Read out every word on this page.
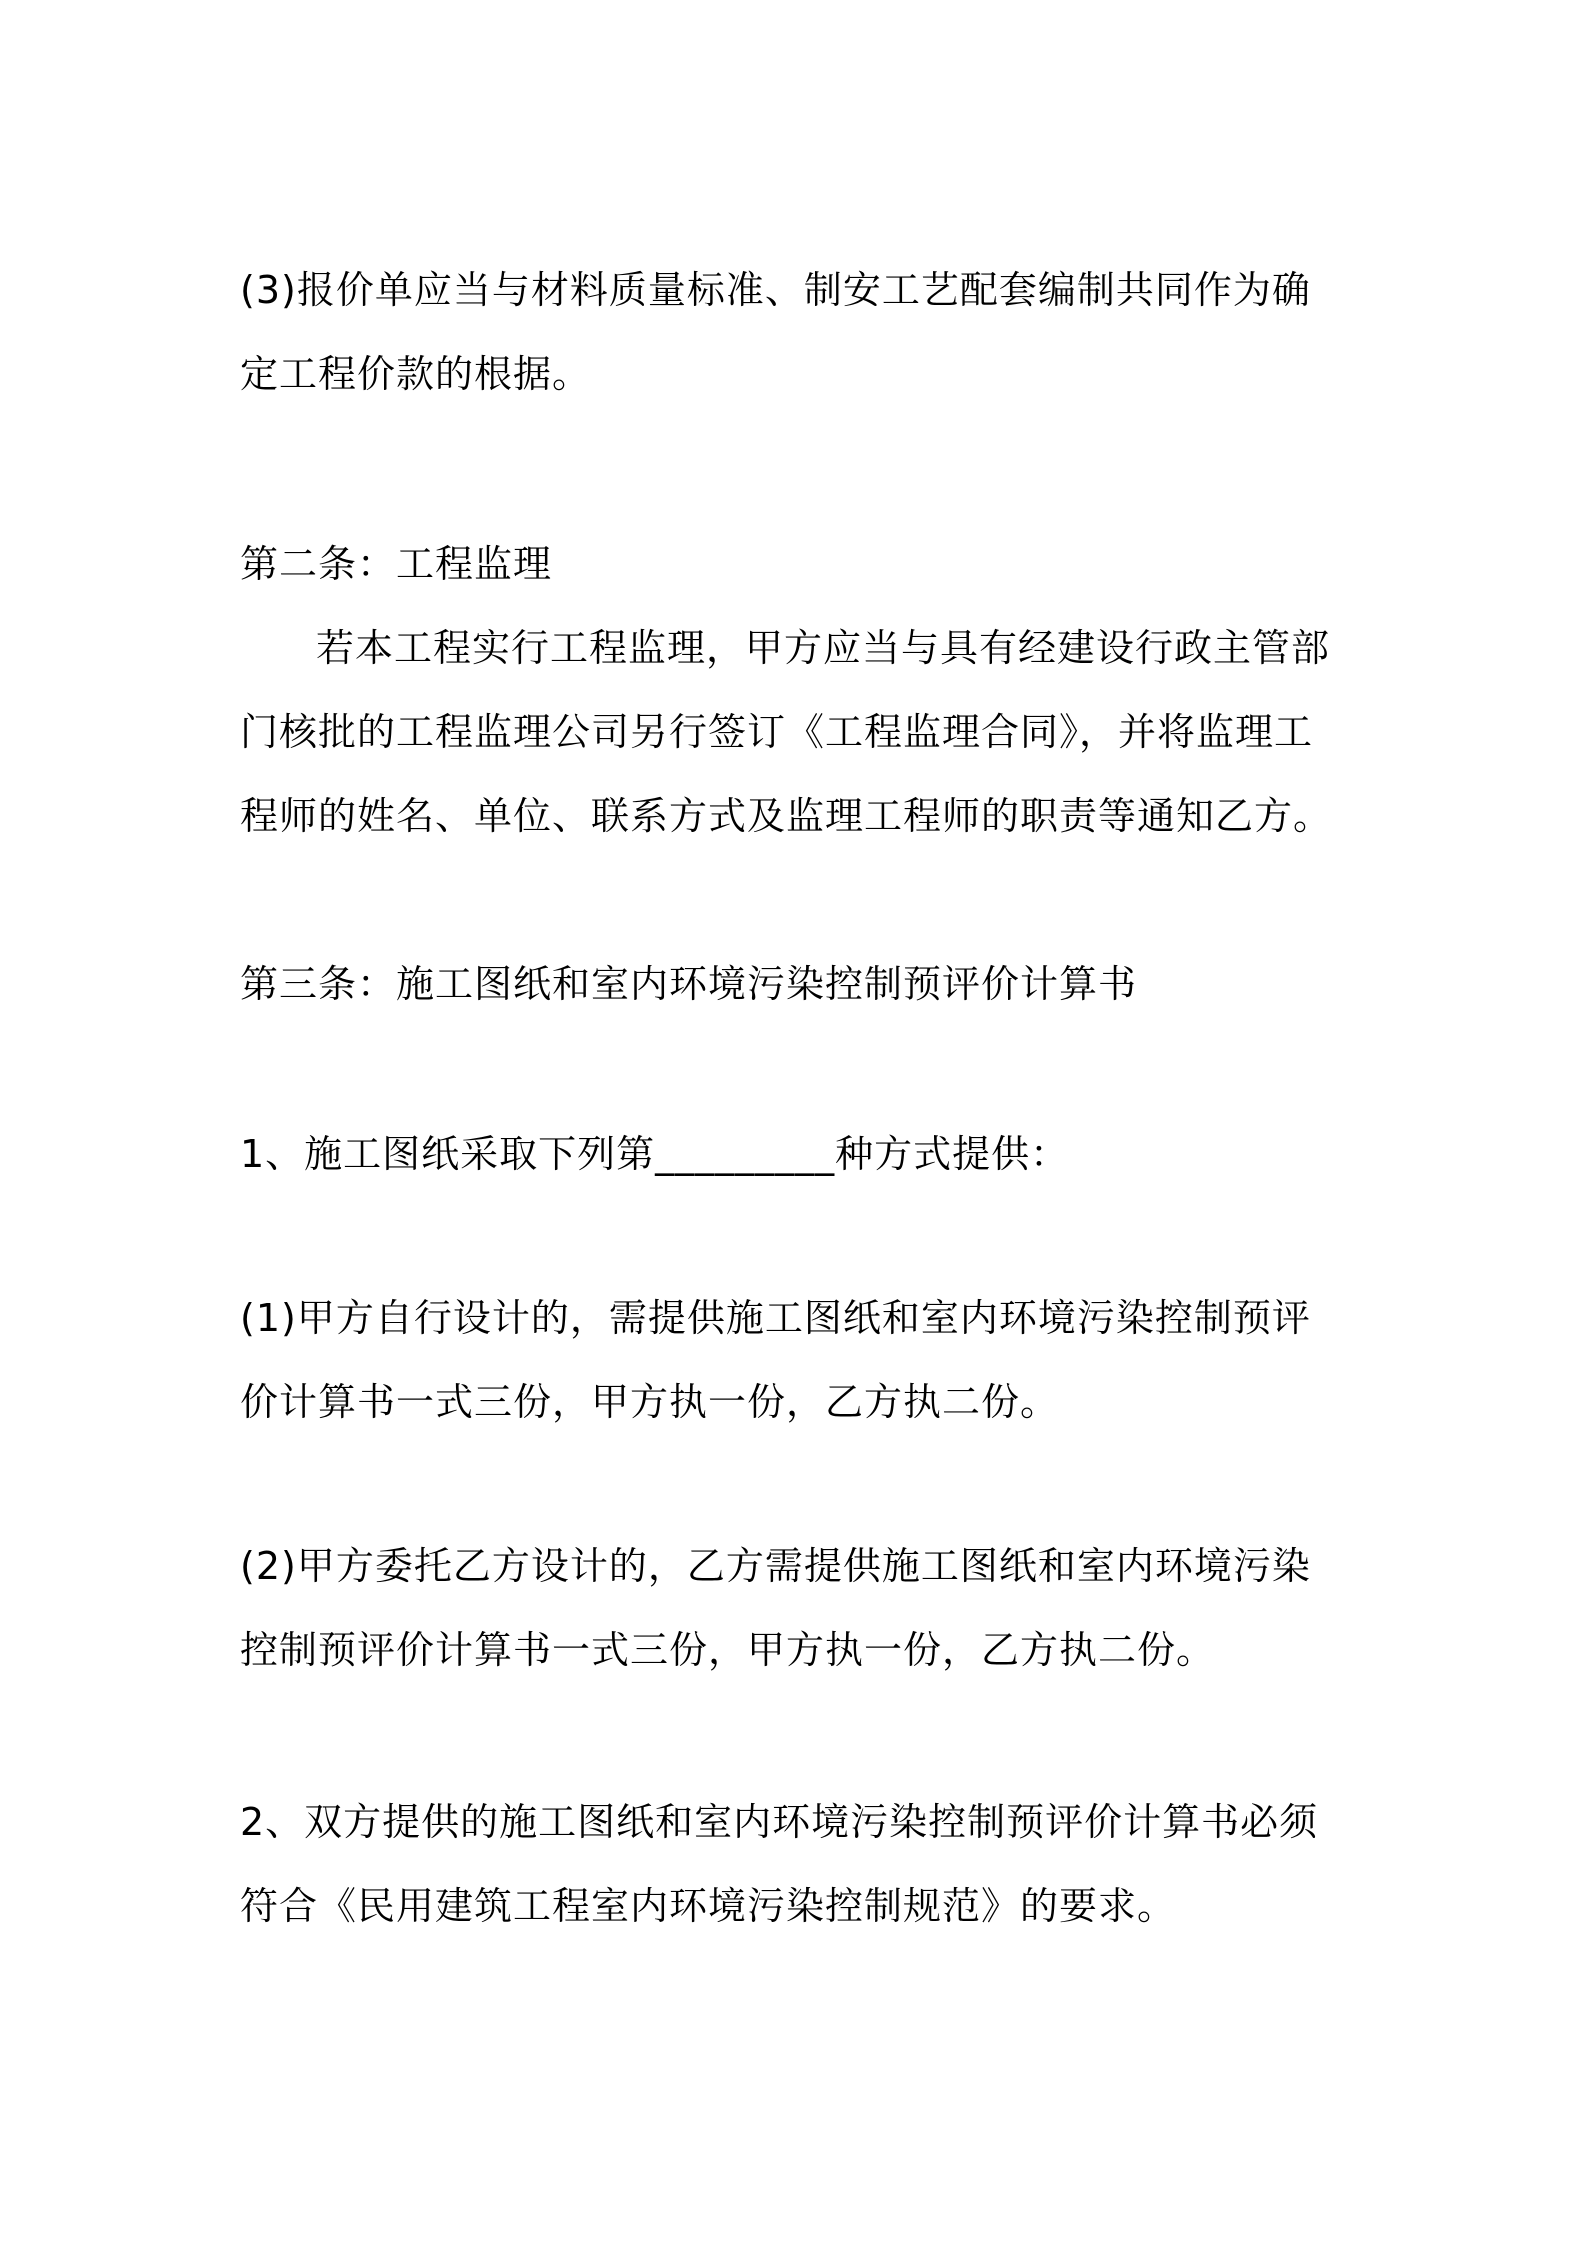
(3)报价单应当与材料质量标准、制安工艺配套编制共同作为确
定工程价款的根据。

第二条：工程监理

若本工程实行工程监理，甲方应当与具有经建设行政主管部
门核批的工程监理公司另行签订《工程监理合同》，并将监理工
程师的姓名、单位、联系方式及监理工程师的职责等通知乙方。

第三条：施工图纸和室内环境污染控制预评价计算书

1、施工图纸采取下列第_________种方式提供：

(1)甲方自行设计的，需提供施工图纸和室内环境污染控制预评
价计算书一式三份，甲方执一份，乙方执二份。

(2)甲方委托乙方设计的，乙方需提供施工图纸和室内环境污染
控制预评价计算书一式三份，甲方执一份，乙方执二份。

2、双方提供的施工图纸和室内环境污染控制预评价计算书必须
符合《民用建筑工程室内环境污染控制规范》的要求。
